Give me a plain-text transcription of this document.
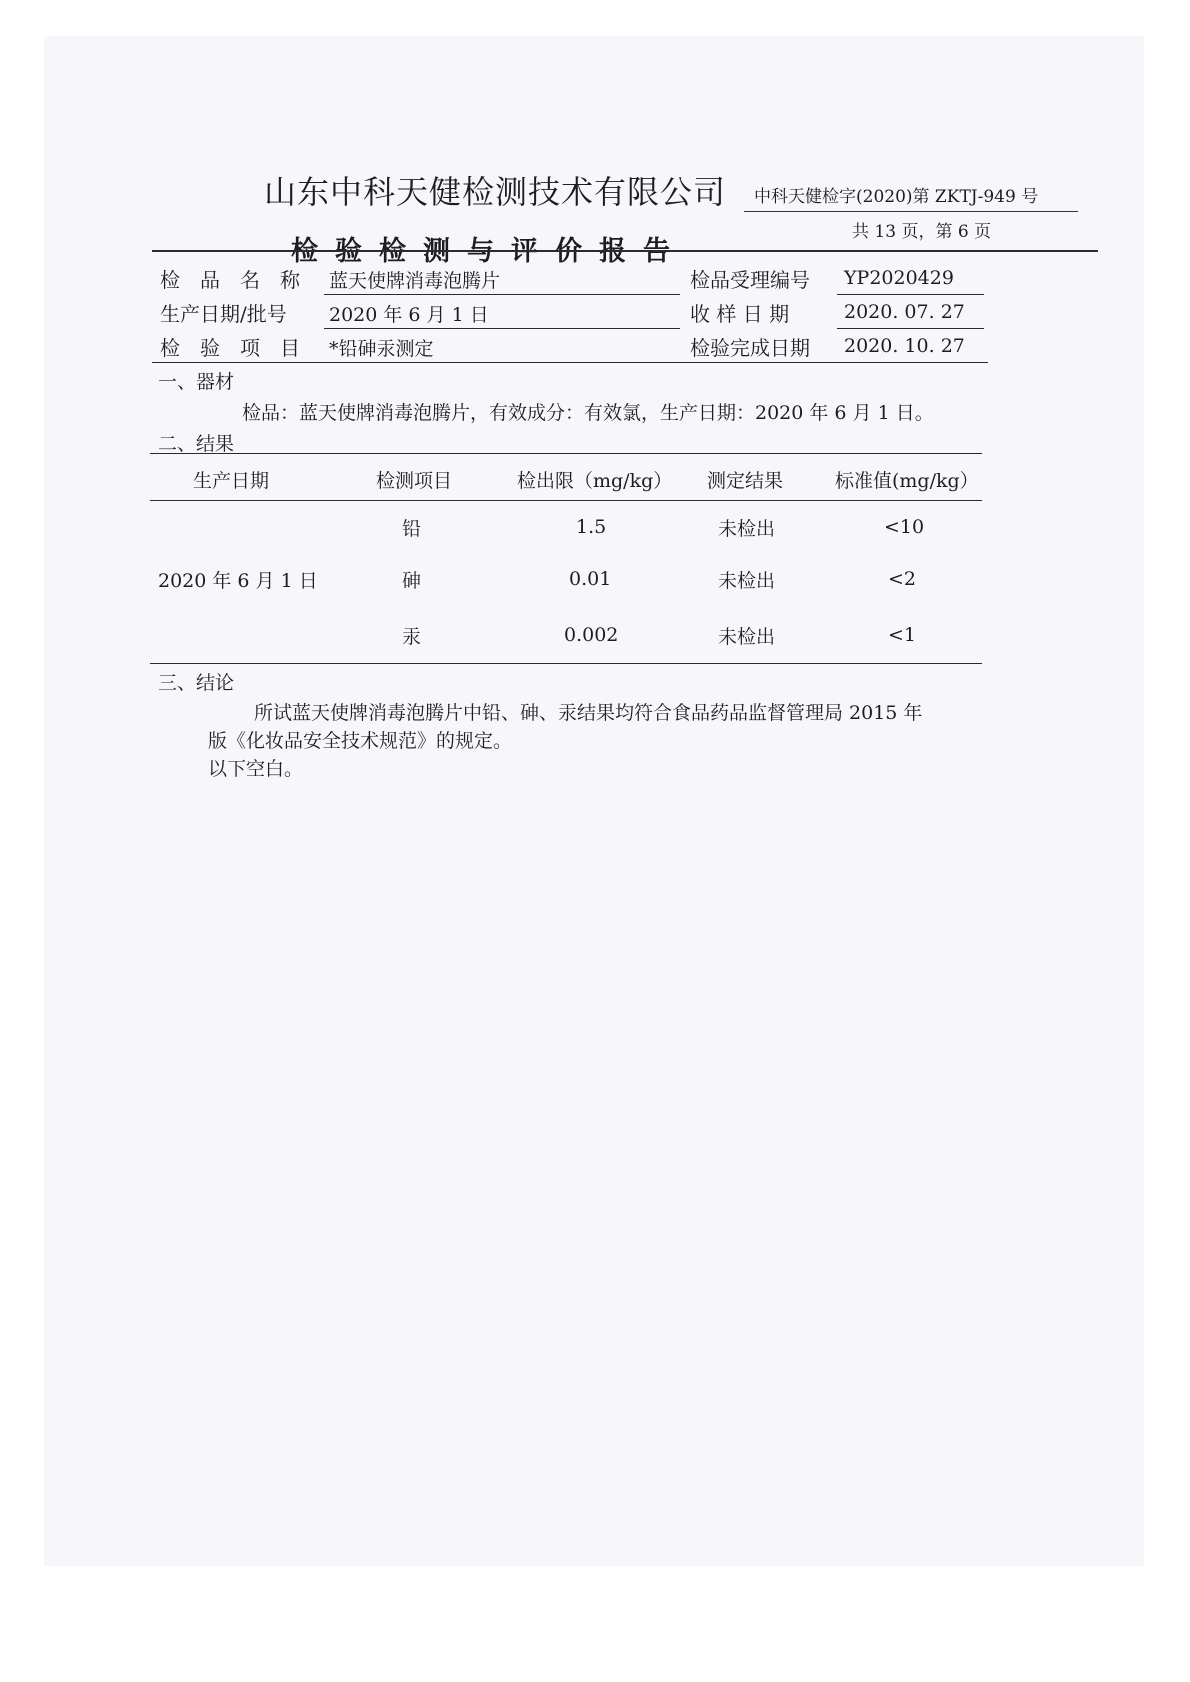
山东中科天健检测技术有限公司	中科天健检字(2020)第 ZKTJ-949 号
检验检测与评价报告
共 13 页，第 6 页
检　品　名　称 蓝天使牌消毒泡腾片	检品受理编号 YP2020429
生产日期/批号 2020 年 6 月 1 日	收 样 日 期	2020. 07. 27
检　验　项　目 *铅砷汞测定	检验完成日期 2020. 10. 27
一、器材
检品：蓝天使牌消毒泡腾片，有效成分：有效氯，生产日期：2020 年 6 月 1 日。
二、结果
生产日期	检测项目	检出限（mg/kg） 测定结果	标准值(mg/kg）
2020 年 6 月 1 日
铅	1.5	未检出	<10
砷	0.01	未检出	<2
汞	0.002	未检出	<1
三、结论
所试蓝天使牌消毒泡腾片中铅、砷、汞结果均符合食品药品监督管理局 2015 年
版《化妆品安全技术规范》的规定。
以下空白。
